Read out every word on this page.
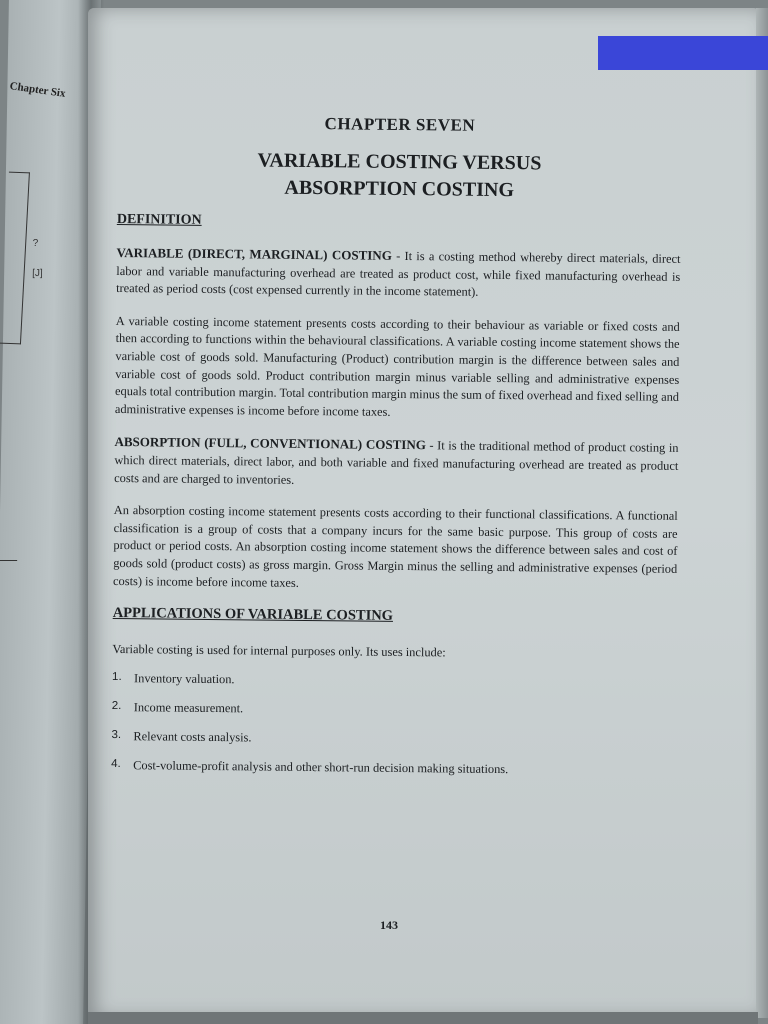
Chapter Six
?
[J]
CHAPTER SEVEN
VARIABLE COSTING VERSUS
ABSORPTION COSTING
DEFINITION

VARIABLE (DIRECT, MARGINAL) COSTING - It is a costing method whereby direct materials, direct labor and variable manufacturing overhead are treated as product cost, while fixed manufacturing overhead is treated as period costs (cost expensed currently in the income statement).

A variable costing income statement presents costs according to their behaviour as variable or fixed costs and then according to functions within the behavioural classifications. A variable costing income statement shows the variable cost of goods sold. Manufacturing (Product) contribution margin is the difference between sales and variable cost of goods sold. Product contribution margin minus variable selling and administrative expenses equals total contribution margin. Total contribution margin minus the sum of fixed overhead and fixed selling and administrative expenses is income before income taxes.

ABSORPTION (FULL, CONVENTIONAL) COSTING - It is the traditional method of product costing in which direct materials, direct labor, and both variable and fixed manufacturing overhead are treated as product costs and are charged to inventories.

An absorption costing income statement presents costs according to their functional classifications. A functional classification is a group of costs that a company incurs for the same basic purpose. This group of costs are product or period costs. An absorption costing income statement shows the difference between sales and cost of goods sold (product costs) as gross margin. Gross Margin minus the selling and administrative expenses (period costs) is income before income taxes.

APPLICATIONS OF VARIABLE COSTING
Variable costing is used for internal purposes only. Its uses include:
1. Inventory valuation.
2. Income measurement.
3. Relevant costs analysis.
4. Cost-volume-profit analysis and other short-run decision making situations.
143
